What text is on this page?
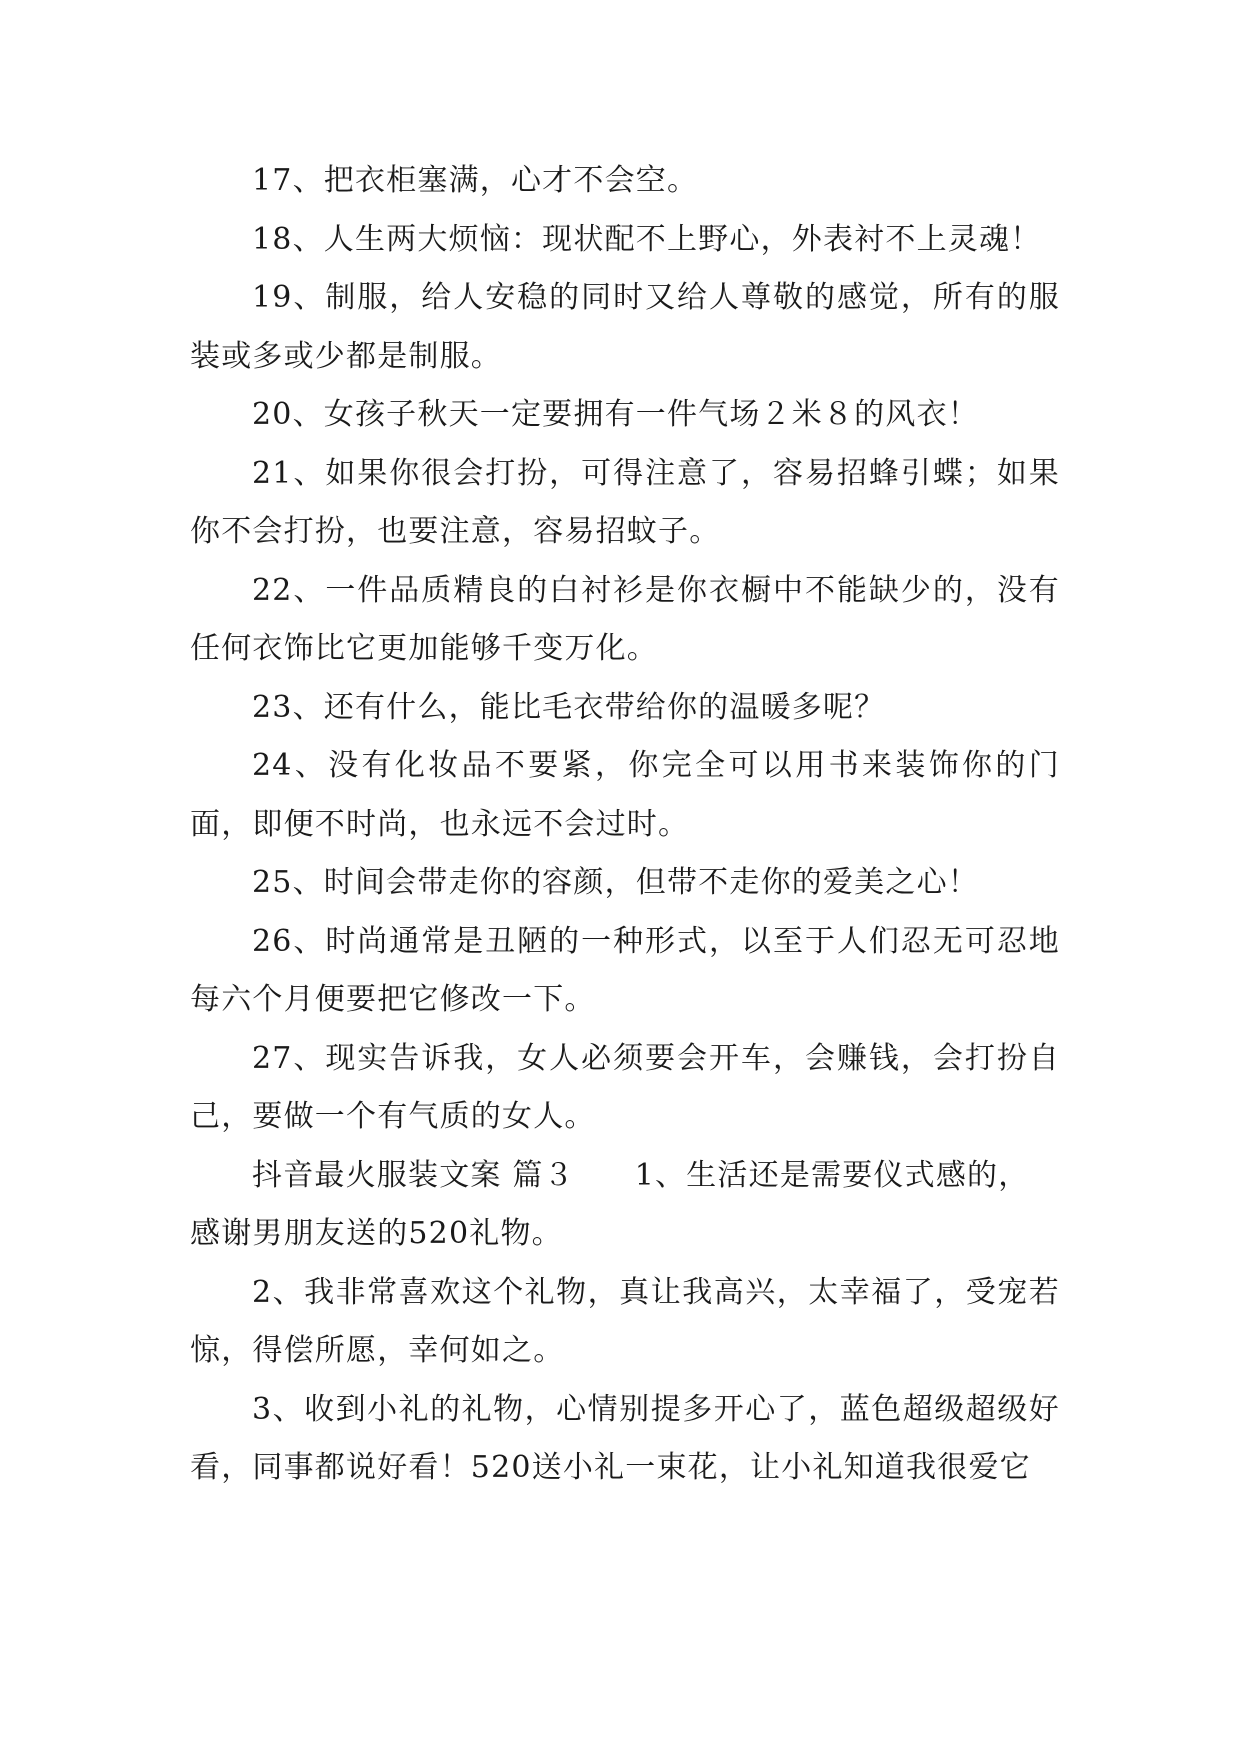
17、把衣柜塞满，心才不会空。

18、人生两大烦恼：现状配不上野心，外表衬不上灵魂！

19、制服，给人安稳的同时又给人尊敬的感觉，所有的服装或多或少都是制服。

20、女孩子秋天一定要拥有一件气场２米８的风衣！

21、如果你很会打扮，可得注意了，容易招蜂引蝶；如果你不会打扮，也要注意，容易招蚊子。

22、一件品质精良的白衬衫是你衣橱中不能缺少的，没有任何衣饰比它更加能够千变万化。

23、还有什么，能比毛衣带给你的温暖多呢？

24、没有化妆品不要紧，你完全可以用书来装饰你的门面，即便不时尚，也永远不会过时。

25、时间会带走你的容颜，但带不走你的爱美之心！

26、时尚通常是丑陋的一种形式，以至于人们忍无可忍地每六个月便要把它修改一下。

27、现实告诉我，女人必须要会开车，会赚钱，会打扮自己，要做一个有气质的女人。

抖音最火服装文案 篇３ 1、生活还是需要仪式感的，感谢男朋友送的520礼物。

2、我非常喜欢这个礼物，真让我高兴，太幸福了，受宠若惊，得偿所愿，幸何如之。

3、收到小礼的礼物，心情别提多开心了，蓝色超级超级好看，同事都说好看！520送小礼一束花，让小礼知道我很爱它
